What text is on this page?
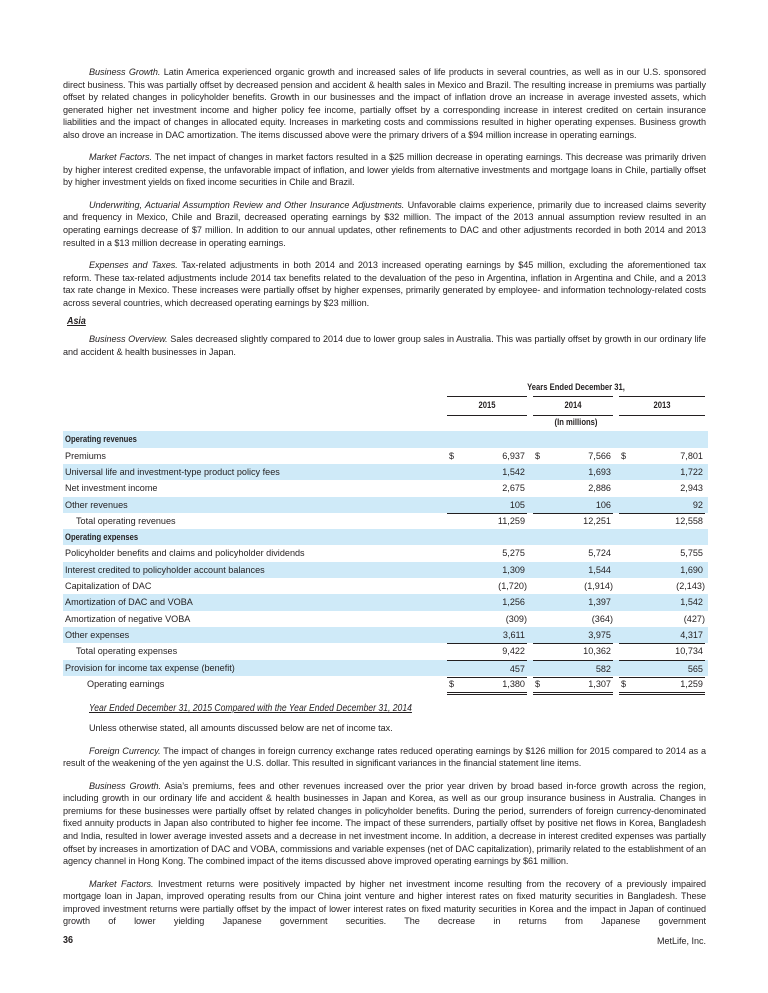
Business Growth. Latin America experienced organic growth and increased sales of life products in several countries, as well as in our U.S. sponsored direct business. This was partially offset by decreased pension and accident & health sales in Mexico and Brazil. The resulting increase in premiums was partially offset by related changes in policyholder benefits. Growth in our businesses and the impact of inflation drove an increase in average invested assets, which generated higher net investment income and higher policy fee income, partially offset by a corresponding increase in interest credited on certain insurance liabilities and the impact of changes in allocated equity. Increases in marketing costs and commissions resulted in higher operating expenses. Business growth also drove an increase in DAC amortization. The items discussed above were the primary drivers of a $94 million increase in operating earnings.

Market Factors. The net impact of changes in market factors resulted in a $25 million decrease in operating earnings. This decrease was primarily driven by higher interest credited expense, the unfavorable impact of inflation, and lower yields from alternative investments and mortgage loans in Chile, partially offset by higher investment yields on fixed income securities in Chile and Brazil.

Underwriting, Actuarial Assumption Review and Other Insurance Adjustments. Unfavorable claims experience, primarily due to increased claims severity and frequency in Mexico, Chile and Brazil, decreased operating earnings by $32 million. The impact of the 2013 annual assumption review resulted in an operating earnings decrease of $7 million. In addition to our annual updates, other refinements to DAC and other adjustments recorded in both 2014 and 2013 resulted in a $13 million decrease in operating earnings.

Expenses and Taxes. Tax-related adjustments in both 2014 and 2013 increased operating earnings by $45 million, excluding the aforementioned tax reform. These tax-related adjustments include 2014 tax benefits related to the devaluation of the peso in Argentina, inflation in Argentina and Chile, and a 2013 tax rate change in Mexico. These increases were partially offset by higher expenses, primarily generated by employee- and information technology-related costs across several countries, which decreased operating earnings by $23 million.

Asia

Business Overview. Sales decreased slightly compared to 2014 due to lower group sales in Australia. This was partially offset by growth in our ordinary life and accident & health businesses in Japan.

Years Ended December 31,
2015	2014	2013
(In millions)
Operating revenues
Premiums	$	6,937 $	7,566 $	7,801
Universal life and investment-type product policy fees	1,542	1,693	1,722
Net investment income	2,675	2,886	2,943
Other revenues	105	106	92
Total operating revenues	11,259	12,251	12,558
Operating expenses
Policyholder benefits and claims and policyholder dividends	5,275	5,724	5,755
Interest credited to policyholder account balances	1,309	1,544	1,690
Capitalization of DAC	(1,720)	(1,914)	(2,143)
Amortization of DAC and VOBA	1,256	1,397	1,542
Amortization of negative VOBA	(309)	(364)	(427)
Other expenses	3,611	3,975	4,317
Total operating expenses	9,422	10,362	10,734
Provision for income tax expense (benefit)	457	582	565
Operating earnings	$	1,380 $	1,307 $	1,259
Year Ended December 31, 2015 Compared with the Year Ended December 31, 2014

Unless otherwise stated, all amounts discussed below are net of income tax.

Foreign Currency. The impact of changes in foreign currency exchange rates reduced operating earnings by $126 million for 2015 compared to 2014 as a result of the weakening of the yen against the U.S. dollar. This resulted in significant variances in the financial statement line items.

Business Growth. Asia’s premiums, fees and other revenues increased over the prior year driven by broad based in-force growth across the region, including growth in our ordinary life and accident & health businesses in Japan and Korea, as well as our group insurance business in Australia. Changes in premiums for these businesses were partially offset by related changes in policyholder benefits. During the period, surrenders of foreign currency-denominated fixed annuity products in Japan also contributed to higher fee income. The impact of these surrenders, partially offset by positive net flows in Korea, Bangladesh and India, resulted in lower average invested assets and a decrease in net investment income. In addition, a decrease in interest credited expenses was partially offset by increases in amortization of DAC and VOBA, commissions and variable expenses (net of DAC capitalization), primarily related to the establishment of an agency channel in Hong Kong. The combined impact of the items discussed above improved operating earnings by $61 million.

Market Factors. Investment returns were positively impacted by higher net investment income resulting from the recovery of a previously impaired mortgage loan in Japan, improved operating results from our China joint venture and higher interest rates on fixed maturity securities in Bangladesh. These improved investment returns were partially offset by the impact of lower interest rates on fixed maturity securities in Korea and the impact in Japan of continued growth of lower yielding Japanese government securities. The decrease in returns from Japanese government

36	MetLife, Inc.
